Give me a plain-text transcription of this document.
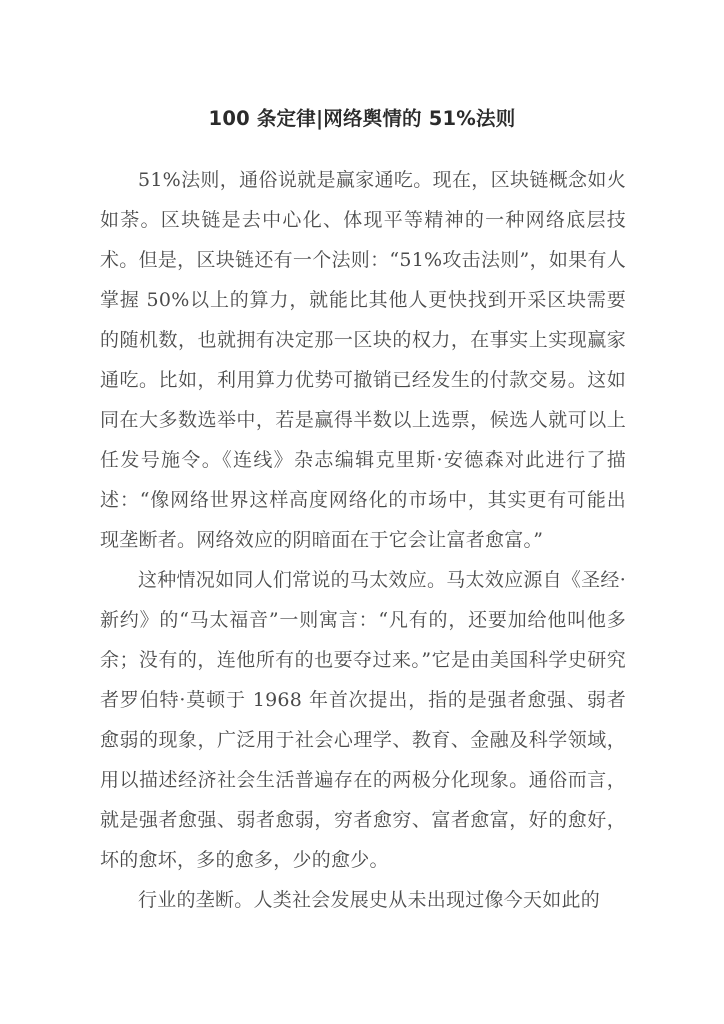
100 条定律|网络舆情的 51%法则

51%法则，通俗说就是赢家通吃。现在，区块链概念如火如荼。区块链是去中心化、体现平等精神的一种网络底层技术。但是，区块链还有一个法则：“51%攻击法则”，如果有人掌握 50%以上的算力，就能比其他人更快找到开采区块需要的随机数，也就拥有决定那一区块的权力，在事实上实现赢家通吃。比如，利用算力优势可撤销已经发生的付款交易。这如同在大多数选举中，若是赢得半数以上选票，候选人就可以上任发号施令。《连线》杂志编辑克里斯·安德森对此进行了描述：“像网络世界这样高度网络化的市场中，其实更有可能出现垄断者。网络效应的阴暗面在于它会让富者愈富。”

这种情况如同人们常说的马太效应。马太效应源自《圣经·新约》的“马太福音”一则寓言：“凡有的，还要加给他叫他多余；没有的，连他所有的也要夺过来。”它是由美国科学史研究者罗伯特·莫顿于 1968 年首次提出，指的是强者愈强、弱者愈弱的现象，广泛用于社会心理学、教育、金融及科学领域，用以描述经济社会生活普遍存在的两极分化现象。通俗而言，就是强者愈强、弱者愈弱，穷者愈穷、富者愈富，好的愈好，坏的愈坏，多的愈多，少的愈少。

行业的垄断。人类社会发展史从未出现过像今天如此的
